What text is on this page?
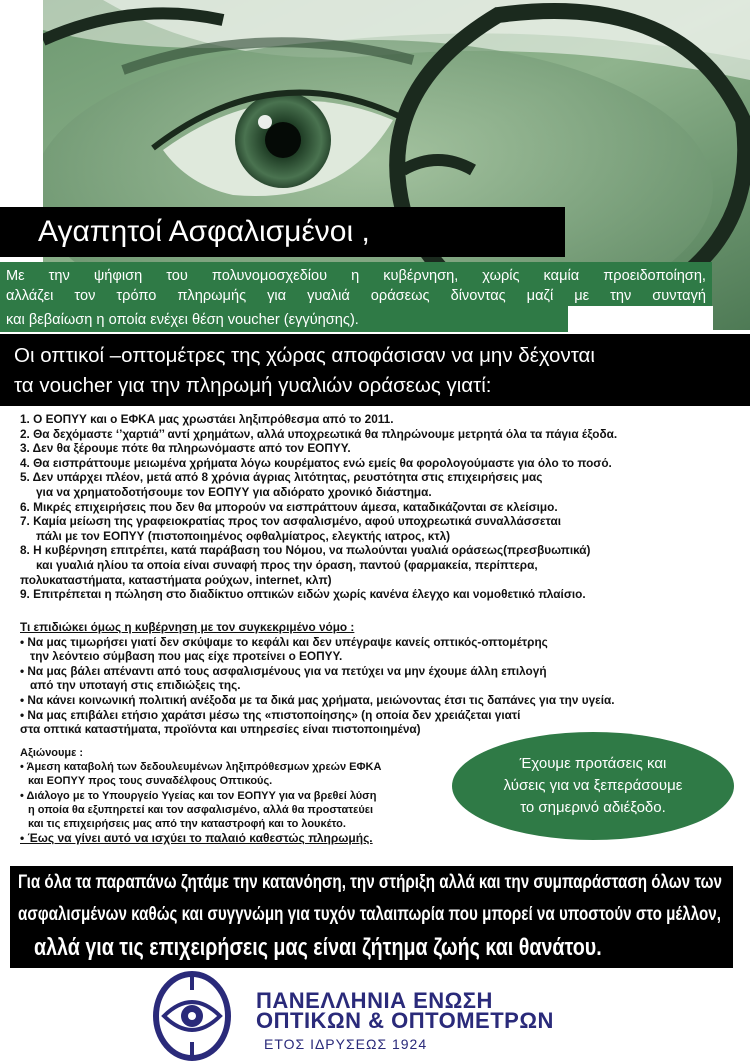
Αγαπητοί Ασφαλισμένοι ,
Με την ψήφιση του πολυνομοσχεδίου η κυβέρνηση, χωρίς καμία προειδοποίηση,
αλλάζει τον τρόπο πληρωμής για γυαλιά οράσεως δίνοντας μαζί με την συνταγή
και βεβαίωση η οποία ενέχει θέση voucher (εγγύησης).
Οι οπτικοί –οπτομέτρες της χώρας αποφάσισαν να μην δέχονται
τα voucher για την πληρωμή γυαλιών οράσεως γιατί:
1. Ο ΕΟΠΥΥ και ο ΕΦΚΑ μας χρωστάει ληξιπρόθεσμα από το 2011.
2. Θα δεχόμαστε ‘’χαρτιά’’ αντί χρημάτων, αλλά υποχρεωτικά θα πληρώνουμε μετρητά όλα τα πάγια έξοδα.
3. Δεν θα ξέρουμε πότε θα πληρωνόμαστε από τον ΕΟΠΥΥ.
4. Θα εισπράττουμε μειωμένα χρήματα λόγω κουρέματος ενώ εμείς θα φορολογούμαστε για όλο το ποσό.
5. Δεν υπάρχει πλέον, μετά από 8 χρόνια άγριας λιτότητας, ρευστότητα στις επιχειρήσεις μας
για να χρηματοδοτήσουμε τον ΕΟΠΥΥ για αδιόρατο χρονικό διάστημα.
6. Μικρές επιχειρήσεις που δεν θα μπορούν να εισπράττουν άμεσα, καταδικάζονται σε κλείσιμο.
7. Καμία μείωση της γραφειοκρατίας προς τον ασφαλισμένο, αφού υποχρεωτικά συναλλάσσεται
πάλι με τον ΕΟΠΥΥ (πιστοποιημένος οφθαλμίατρος, ελεγκτής ιατρος, κτλ)
8. Η κυβέρνηση επιτρέπει, κατά παράβαση του Νόμου, να πωλούνται γυαλιά οράσεως(πρεσβυωπικά)
και γυαλιά ηλίου τα οποία είναι συναφή προς την όραση, παντού (φαρμακεία, περίπτερα,
πολυκαταστήματα, καταστήματα ρούχων, internet, κλπ)
9. Επιτρέπεται η πώληση στο διαδίκτυο οπτικών ειδών χωρίς κανένα έλεγχο και νομοθετικό πλαίσιο.
Τι επιδιώκει όμως η κυβέρνηση με τον συγκεκριμένο νόμο :
• Να μας τιμωρήσει γιατί δεν σκύψαμε το κεφάλι και δεν υπέγραψε κανείς οπτικός-οπτομέτρης
την λεόντειο σύμβαση που μας είχε προτείνει ο ΕΟΠΥΥ.
• Να μας βάλει απέναντι από τους ασφαλισμένους για να πετύχει να μην έχουμε άλλη επιλογή
από την υποταγή στις επιδιώξεις της.
• Να κάνει κοινωνική πολιτική ανέξοδα με τα δικά μας χρήματα, μειώνοντας έτσι τις δαπάνες για την υγεία.
• Να μας επιβάλει ετήσιο χαράτσι μέσω της «πιστοποίησης» (η οποία δεν χρειάζεται γιατί
στα οπτικά καταστήματα, προϊόντα και υπηρεσίες είναι πιστοποιημένα)
Αξιώνουμε :
• Άμεση καταβολή των δεδουλευμένων ληξιπρόθεσμων χρεών ΕΦΚΑ
και ΕΟΠΥΥ προς τους συναδέλφους Οπτικούς.
• Διάλογο με το Υπουργείο Υγείας και τον ΕΟΠΥΥ για να βρεθεί λύση
η οποία θα εξυπηρετεί και τον ασφαλισμένο, αλλά θα προστατεύει
και τις επιχειρήσεις μας από την καταστροφή και το λουκέτο.
• Έως να γίνει αυτό να ισχύει το παλαιό καθεστώς πληρωμής.
Έχουμε προτάσεις και
λύσεις για να ξεπεράσουμε
το σημερινό αδιέξοδο.
Για όλα τα παραπάνω ζητάμε την κατανόηση, την στήριξη αλλά και την συμπαράσταση όλων των
ασφαλισμένων καθώς και συγγνώμη για τυχόν ταλαιπωρία που μπορεί να υποστούν στο μέλλον,
αλλά για τις επιχειρήσεις μας είναι ζήτημα ζωής και θανάτου.
ΠΑΝΕΛΛΗΝΙΑ ΕΝΩΣΗ
ΟΠΤΙΚΩΝ & ΟΠΤΟΜΕΤΡΩΝ
ΕΤΟΣ ΙΔΡΥΣΕΩΣ 1924
